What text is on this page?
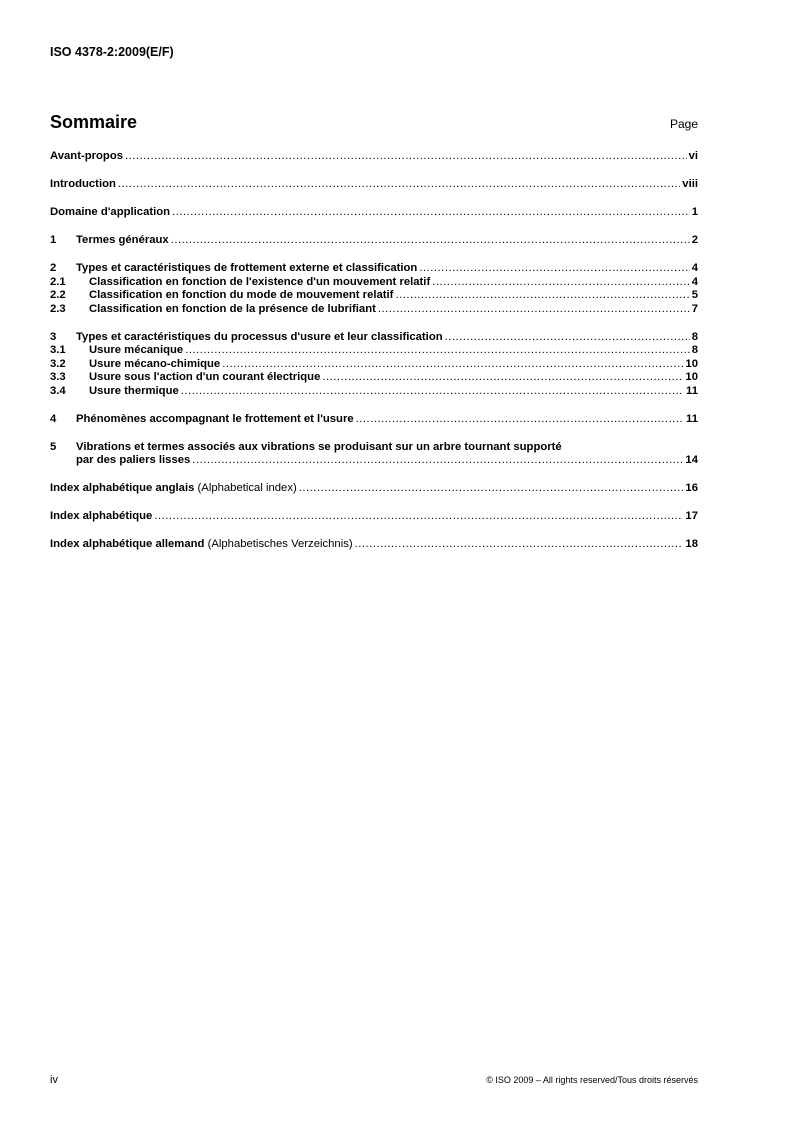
ISO 4378-2:2009(E/F)
Sommaire	Page
Avant-propos .....	vi
Introduction .....	viii
Domaine d'application .....	1
1	Termes généraux .....	2
2	Types et caractéristiques de frottement externe et classification .....	4
2.1	Classification en fonction de l'existence d'un mouvement relatif .....	4
2.2	Classification en fonction du mode de mouvement relatif .....	5
2.3	Classification en fonction de la présence de lubrifiant .....	7
3	Types et caractéristiques du processus d'usure et leur classification .....	8
3.1	Usure mécanique .....	8
3.2	Usure mécano-chimique .....	10
3.3	Usure sous l'action d'un courant électrique .....	10
3.4	Usure thermique .....	11
4	Phénomènes accompagnant le frottement et l'usure .....	11
5	Vibrations et termes associés aux vibrations se produisant sur un arbre tournant supporté
par des paliers lisses .....	14
Index alphabétique anglais (Alphabetical index) .....	16
Index alphabétique .....	17
Index alphabétique allemand (Alphabetisches Verzeichnis) .....	18
iv	© ISO 2009 – All rights reserved/Tous droits réservés
